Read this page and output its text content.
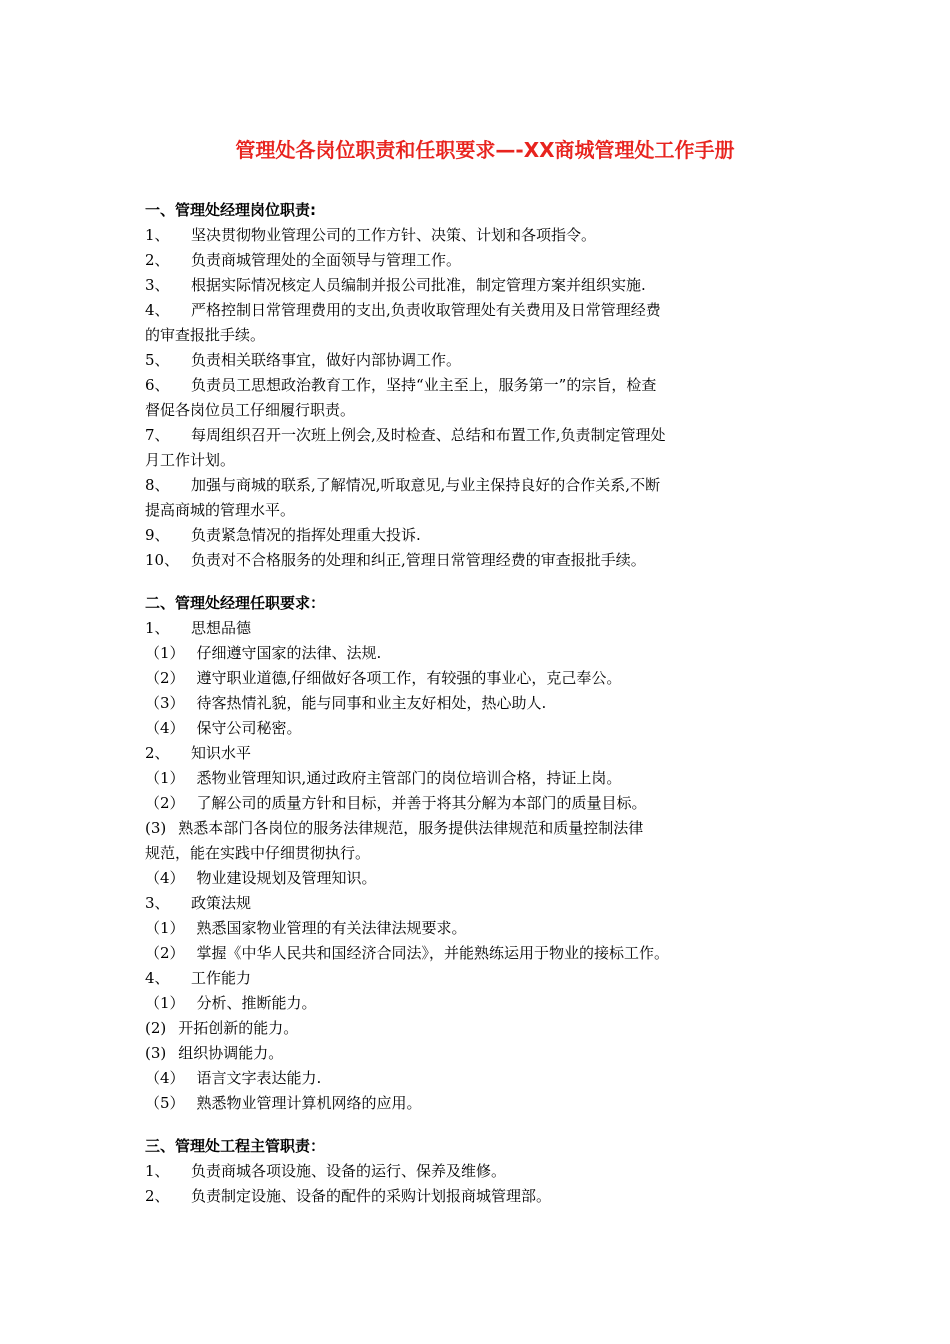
管理处各岗位职责和任职要求—-XX商城管理处工作手册
一、管理处经理岗位职责:
1、 坚决贯彻物业管理公司的工作方针、决策、计划和各项指令。
2、 负责商城管理处的全面领导与管理工作。
3、 根据实际情况核定人员编制并报公司批准，制定管理方案并组织实施.
4、 严格控制日常管理费用的支出,负责收取管理处有关费用及日常管理经费
的审查报批手续。
5、 负责相关联络事宜，做好内部协调工作。
6、 负责员工思想政治教育工作，坚持“业主至上，服务第一”的宗旨，检查
督促各岗位员工仔细履行职责。
7、 每周组织召开一次班上例会,及时检查、总结和布置工作,负责制定管理处
月工作计划。
8、 加强与商城的联系,了解情况,听取意见,与业主保持良好的合作关系,不断
提高商城的管理水平。
9、 负责紧急情况的指挥处理重大投诉.
10、 负责对不合格服务的处理和纠正,管理日常管理经费的审查报批手续。
二、管理处经理任职要求：
1、 思想品德
（1） 仔细遵守国家的法律、法规.
（2） 遵守职业道德,仔细做好各项工作，有较强的事业心，克己奉公。
（3） 待客热情礼貌，能与同事和业主友好相处，热心助人.
（4） 保守公司秘密。
2、 知识水平
（1） 悉物业管理知识,通过政府主管部门的岗位培训合格，持证上岗。
（2） 了解公司的质量方针和目标，并善于将其分解为本部门的质量目标。
(3) 熟悉本部门各岗位的服务法律规范，服务提供法律规范和质量控制法律
规范，能在实践中仔细贯彻执行。
（4） 物业建设规划及管理知识。
3、 政策法规
（1） 熟悉国家物业管理的有关法律法规要求。
（2） 掌握《中华人民共和国经济合同法》，并能熟练运用于物业的接标工作。
4、 工作能力
（1） 分析、推断能力。
(2) 开拓创新的能力。
(3) 组织协调能力。
（4） 语言文字表达能力.
（5） 熟悉物业管理计算机网络的应用。
三、管理处工程主管职责：
1、 负责商城各项设施、设备的运行、保养及维修。
2、 负责制定设施、设备的配件的采购计划报商城管理部。
